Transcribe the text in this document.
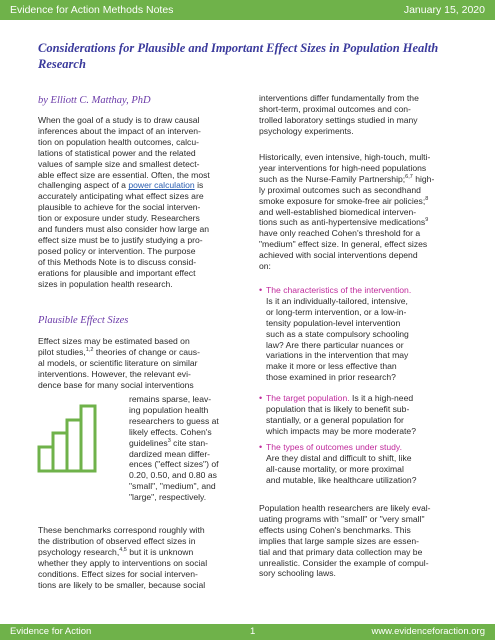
Evidence for Action Methods Notes	January 15, 2020
Considerations for Plausible and Important Effect Sizes in Population Health
Research
by Elliott C. Matthay, PhD

When the goal of a study is to draw causal

inferences about the impact of an interven-

tion on population health outcomes, calcu-

lations of statistical power and the related

values of sample size and smallest detect-

able effect size are essential. Often, the most

challenging aspect of a power calculation is

accurately anticipating what effect sizes are

plausible to achieve for the social interven-

tion or exposure under study. Researchers

and funders must also consider how large an

effect size must be to justify studying a pro-

posed policy or intervention. The purpose

of this Methods Note is to discuss consid-

erations for plausible and important effect

sizes in population health research.

Plausible Effect Sizes

Effect sizes may be estimated based on

pilot studies,$^{1,2}$ theories of change or caus-

al models, or scientific literature on similar

interventions. However, the relevant evi-

dence base for many social interventions

remains sparse, leav-

ing population health

researchers to guess at

likely effects. Cohen's

guidelines$^3$ cite stan-

dardized mean differ-

ences ("effect sizes") of

0.20, 0.50, and 0.80 as

"small", "medium", and

"large", respectively.

These benchmarks correspond roughly with

the distribution of observed effect sizes in

psychology research,$^{4,5}$ but it is unknown

whether they apply to interventions on social

conditions. Effect sizes for social interven-

tions are likely to be smaller, because social

interventions differ fundamentally from the

short-term, proximal outcomes and con-

trolled laboratory settings studied in many

psychology experiments.

Historically, even intensive, high-touch, multi-

year interventions for high-need populations

such as the Nurse-Family Partnership;$^{6,7}$ high-

ly proximal outcomes such as secondhand

smoke exposure for smoke-free air policies;$^8$

and well-established biomedical interven-

tions such as anti-hypertensive medications$^9$

have only reached Cohen's threshold for a

"medium" effect size. In general, effect sizes

achieved with social interventions depend

on:

• The characteristics of the intervention.
Is it an individually-tailored, intensive,
or long-term intervention, or a low-in-
tensity population-level intervention
such as a state compulsory schooling
law? Are there particular nuances or
variations in the intervention that may
make it more or less effective than
those examined in prior research?
• The target population. Is it a high-need
population that is likely to benefit sub-
stantially, or a general population for
which impacts may be more moderate?
• The types of outcomes under study.
Are they distal and difficult to shift, like
all-cause mortality, or more proximal
and mutable, like healthcare utilization?

Population health researchers are likely eval-

uating programs with "small" or "very small"

effects using Cohen's benchmarks. This

implies that large sample sizes are essen-

tial and that primary data collection may be

unrealistic. Consider the example of compul-

sory schooling laws.

Evidence for Action	1	www.evidenceforaction.org
